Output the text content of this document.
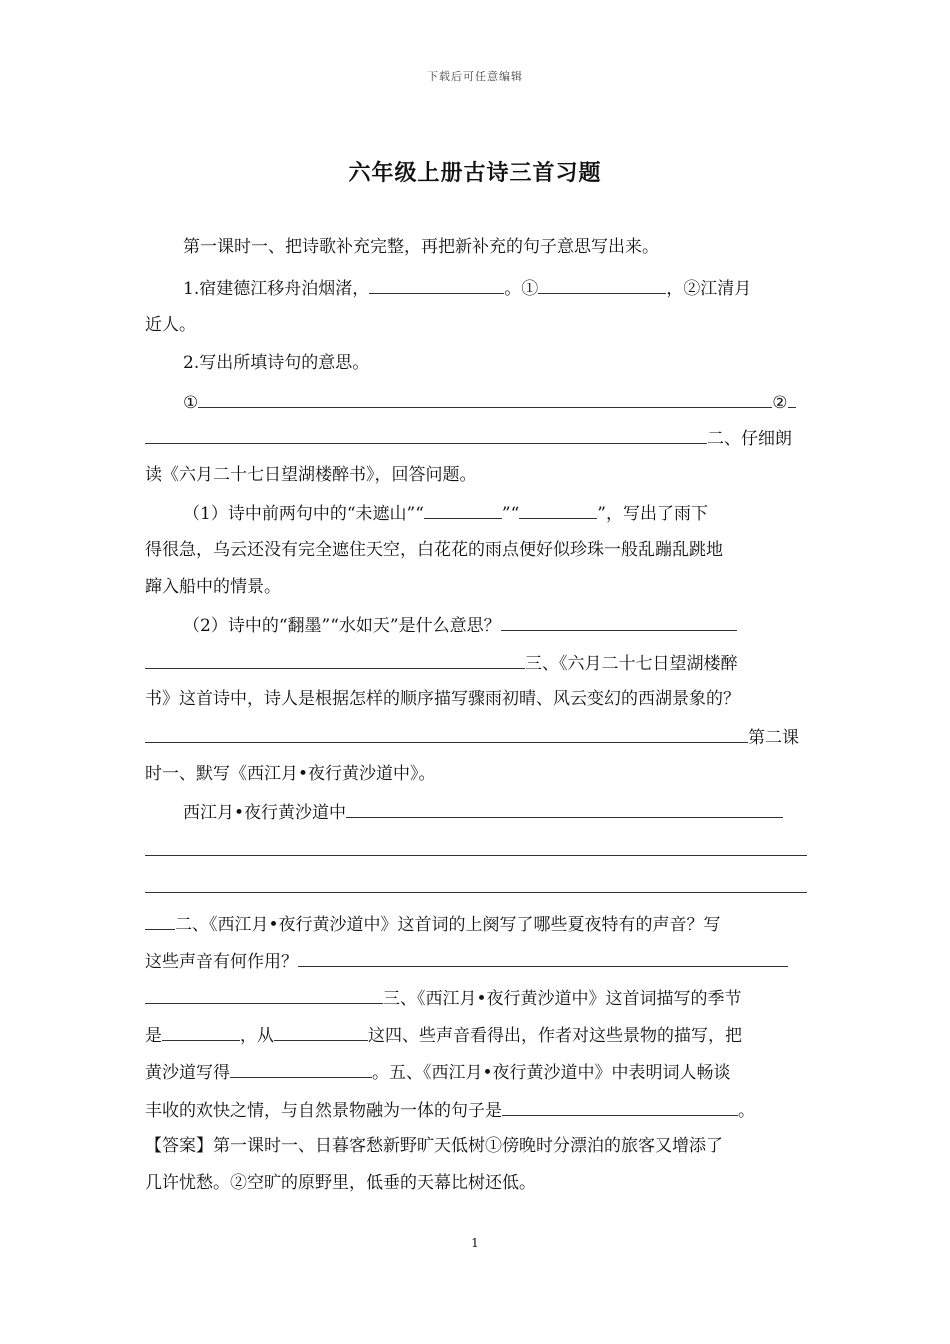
下载后可任意编辑
六年级上册古诗三首习题
第一课时一、把诗歌补充完整，再把新补充的句子意思写出来。
1.宿建德江移舟泊烟渚，	。①	，②江清月
近人。
2.写出所填诗句的意思。
①	②
二、仔细朗
读《六月二十七日望湖楼醉书》，回答问题。
（1）诗中前两句中的“未遮山”“	”“	”，写出了雨下
得很急，乌云还没有完全遮住天空，白花花的雨点便好似珍珠一般乱蹦乱跳地
蹿入船中的情景。
（2）诗中的“翻墨”“水如天”是什么意思？
三、《六月二十七日望湖楼醉
书》这首诗中，诗人是根据怎样的顺序描写骤雨初晴、风云变幻的西湖景象的？
第二课
时一、默写《西江月•夜行黄沙道中》。
西江月•夜行黄沙道中
二、《西江月•夜行黄沙道中》这首词的上阕写了哪些夏夜特有的声音？写
这些声音有何作用？
三、《西江月•夜行黄沙道中》这首词描写的季节
是	，从	这四、些声音看得出，作者对这些景物的描写，把
黄沙道写得	。五、《西江月•夜行黄沙道中》中表明词人畅谈
丰收的欢快之情，与自然景物融为一体的句子是	。
【答案】第一课时一、日暮客愁新野旷天低树①傍晚时分漂泊的旅客又增添了
几许忧愁。②空旷的原野里，低垂的天幕比树还低。
1
